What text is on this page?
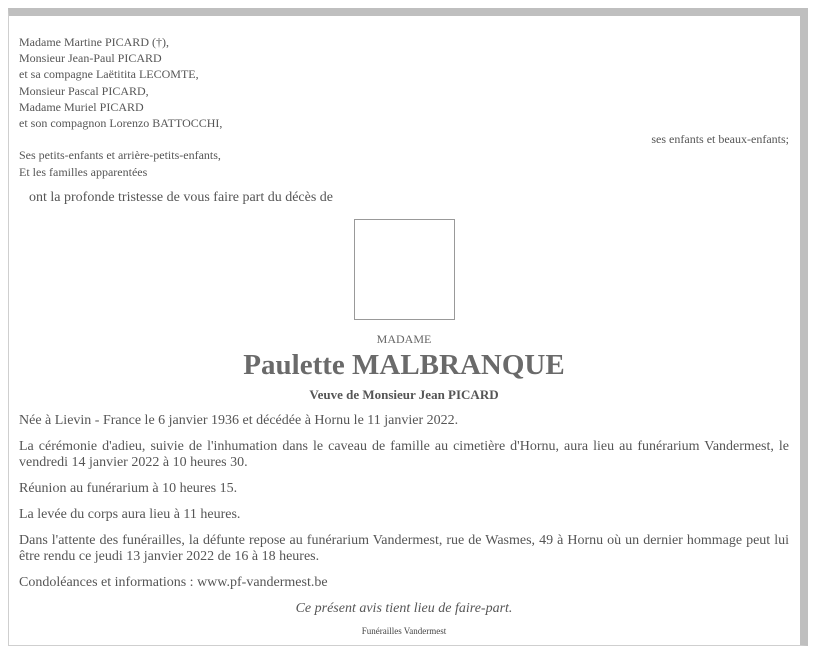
Madame Martine PICARD (†),
Monsieur Jean-Paul PICARD
et sa compagne Laëtitita LECOMTE,
Monsieur Pascal PICARD,
Madame Muriel PICARD
et son compagnon Lorenzo BATTOCCHI,
ses enfants et beaux-enfants;
Ses petits-enfants et arrière-petits-enfants,
Et les familles apparentées
ont la profonde tristesse de vous faire part du décès de
MADAME
Paulette MALBRANQUE
Veuve de Monsieur Jean PICARD

Née à Lievin - France le 6 janvier 1936 et décédée à Hornu le 11 janvier 2022.

La cérémonie d'adieu, suivie de l'inhumation dans le caveau de famille au cimetière d'Hornu, aura lieu au funérarium Vandermest, le vendredi 14 janvier 2022 à 10 heures 30.

Réunion au funérarium à 10 heures 15.

La levée du corps aura lieu à 11 heures.

Dans l'attente des funérailles, la défunte repose au funérarium Vandermest, rue de Wasmes, 49 à Hornu où un dernier hommage peut lui être rendu ce jeudi 13 janvier 2022 de 16 à 18 heures.

Condoléances et informations : www.pf-vandermest.be

Ce présent avis tient lieu de faire-part.
Funérailles Vandermest
